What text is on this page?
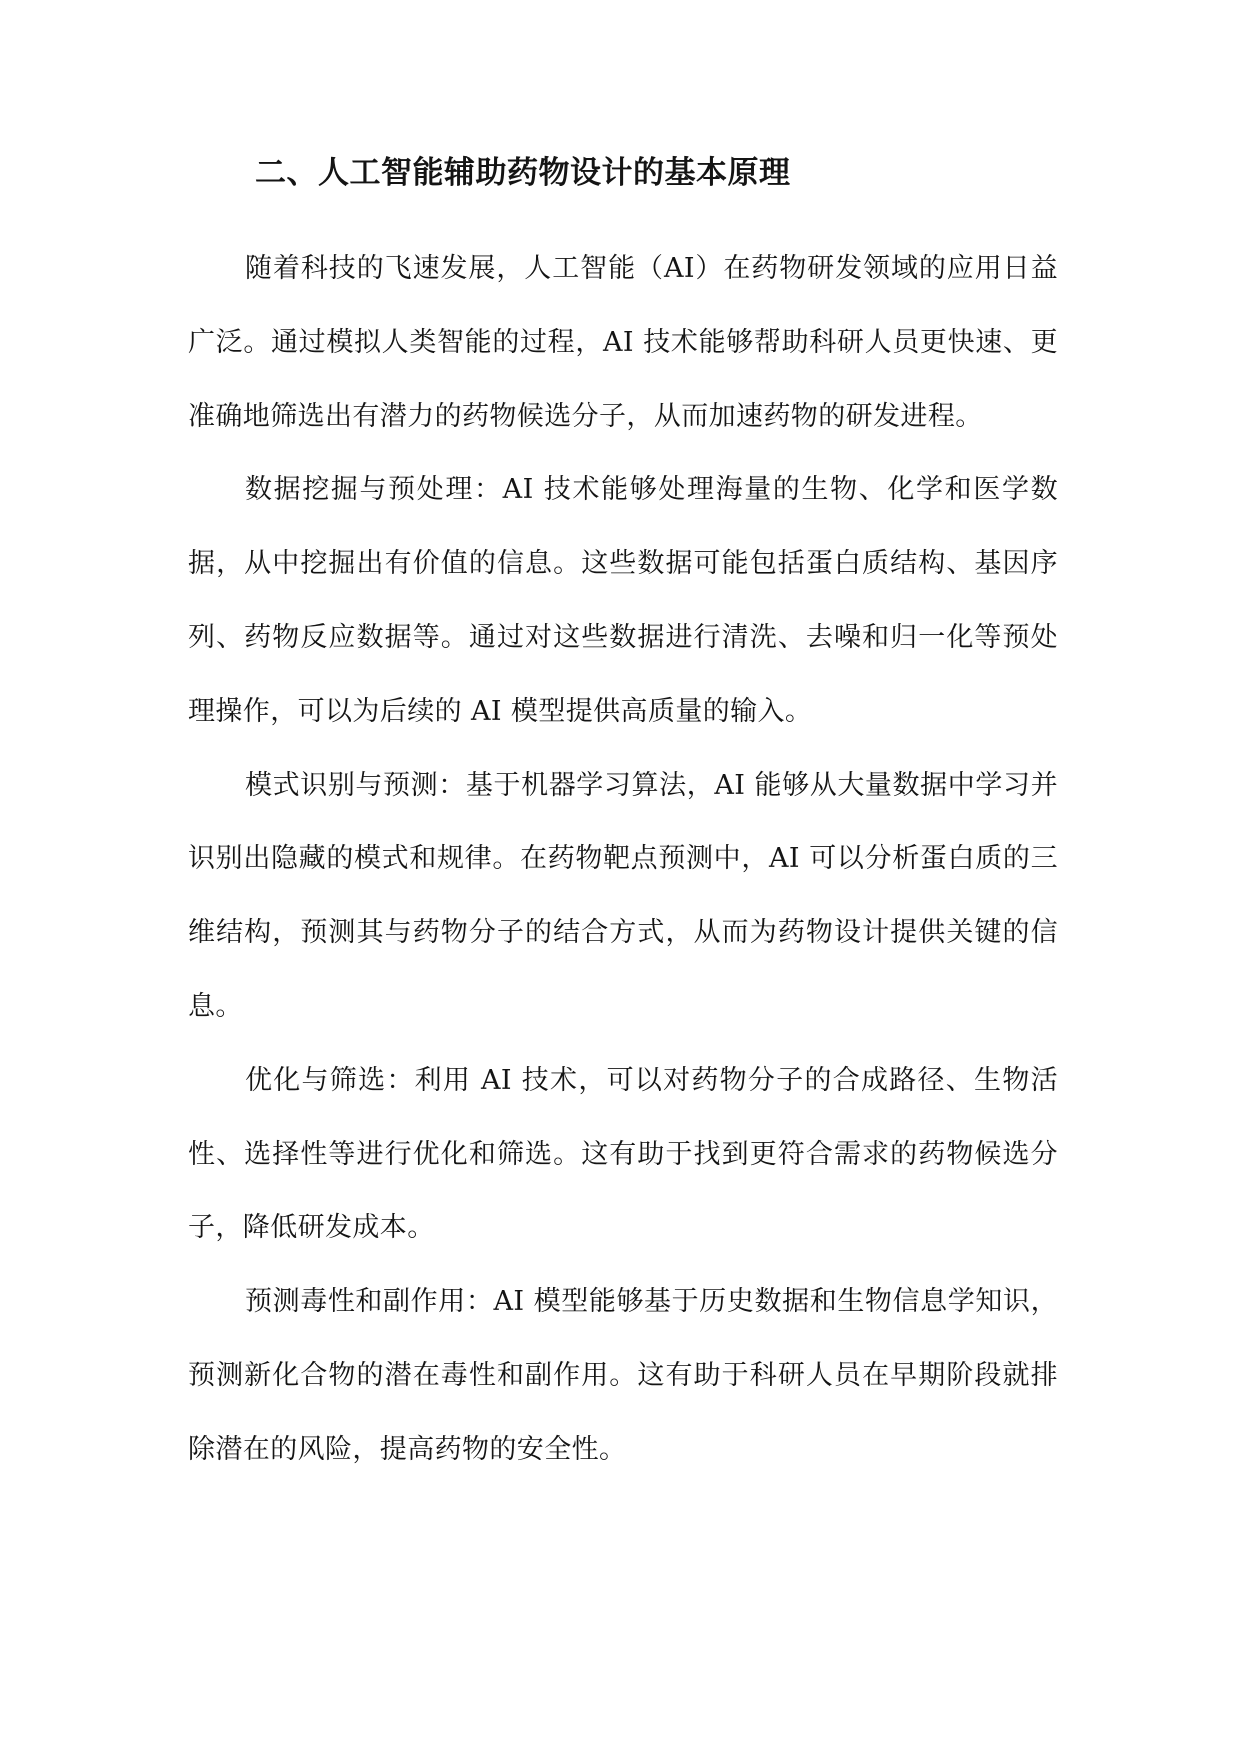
二、人工智能辅助药物设计的基本原理

随着科技的飞速发展，人工智能（AI）在药物研发领域的应用日益广泛。通过模拟人类智能的过程，AI 技术能够帮助科研人员更快速、更准确地筛选出有潜力的药物候选分子，从而加速药物的研发进程。

数据挖掘与预处理：AI 技术能够处理海量的生物、化学和医学数据，从中挖掘出有价值的信息。这些数据可能包括蛋白质结构、基因序列、药物反应数据等。通过对这些数据进行清洗、去噪和归一化等预处理操作，可以为后续的 AI 模型提供高质量的输入。

模式识别与预测：基于机器学习算法，AI 能够从大量数据中学习并识别出隐藏的模式和规律。在药物靶点预测中，AI 可以分析蛋白质的三维结构，预测其与药物分子的结合方式，从而为药物设计提供关键的信息。

优化与筛选：利用 AI 技术，可以对药物分子的合成路径、生物活性、选择性等进行优化和筛选。这有助于找到更符合需求的药物候选分子，降低研发成本。

预测毒性和副作用：AI 模型能够基于历史数据和生物信息学知识，预测新化合物的潜在毒性和副作用。这有助于科研人员在早期阶段就排除潜在的风险，提高药物的安全性。
